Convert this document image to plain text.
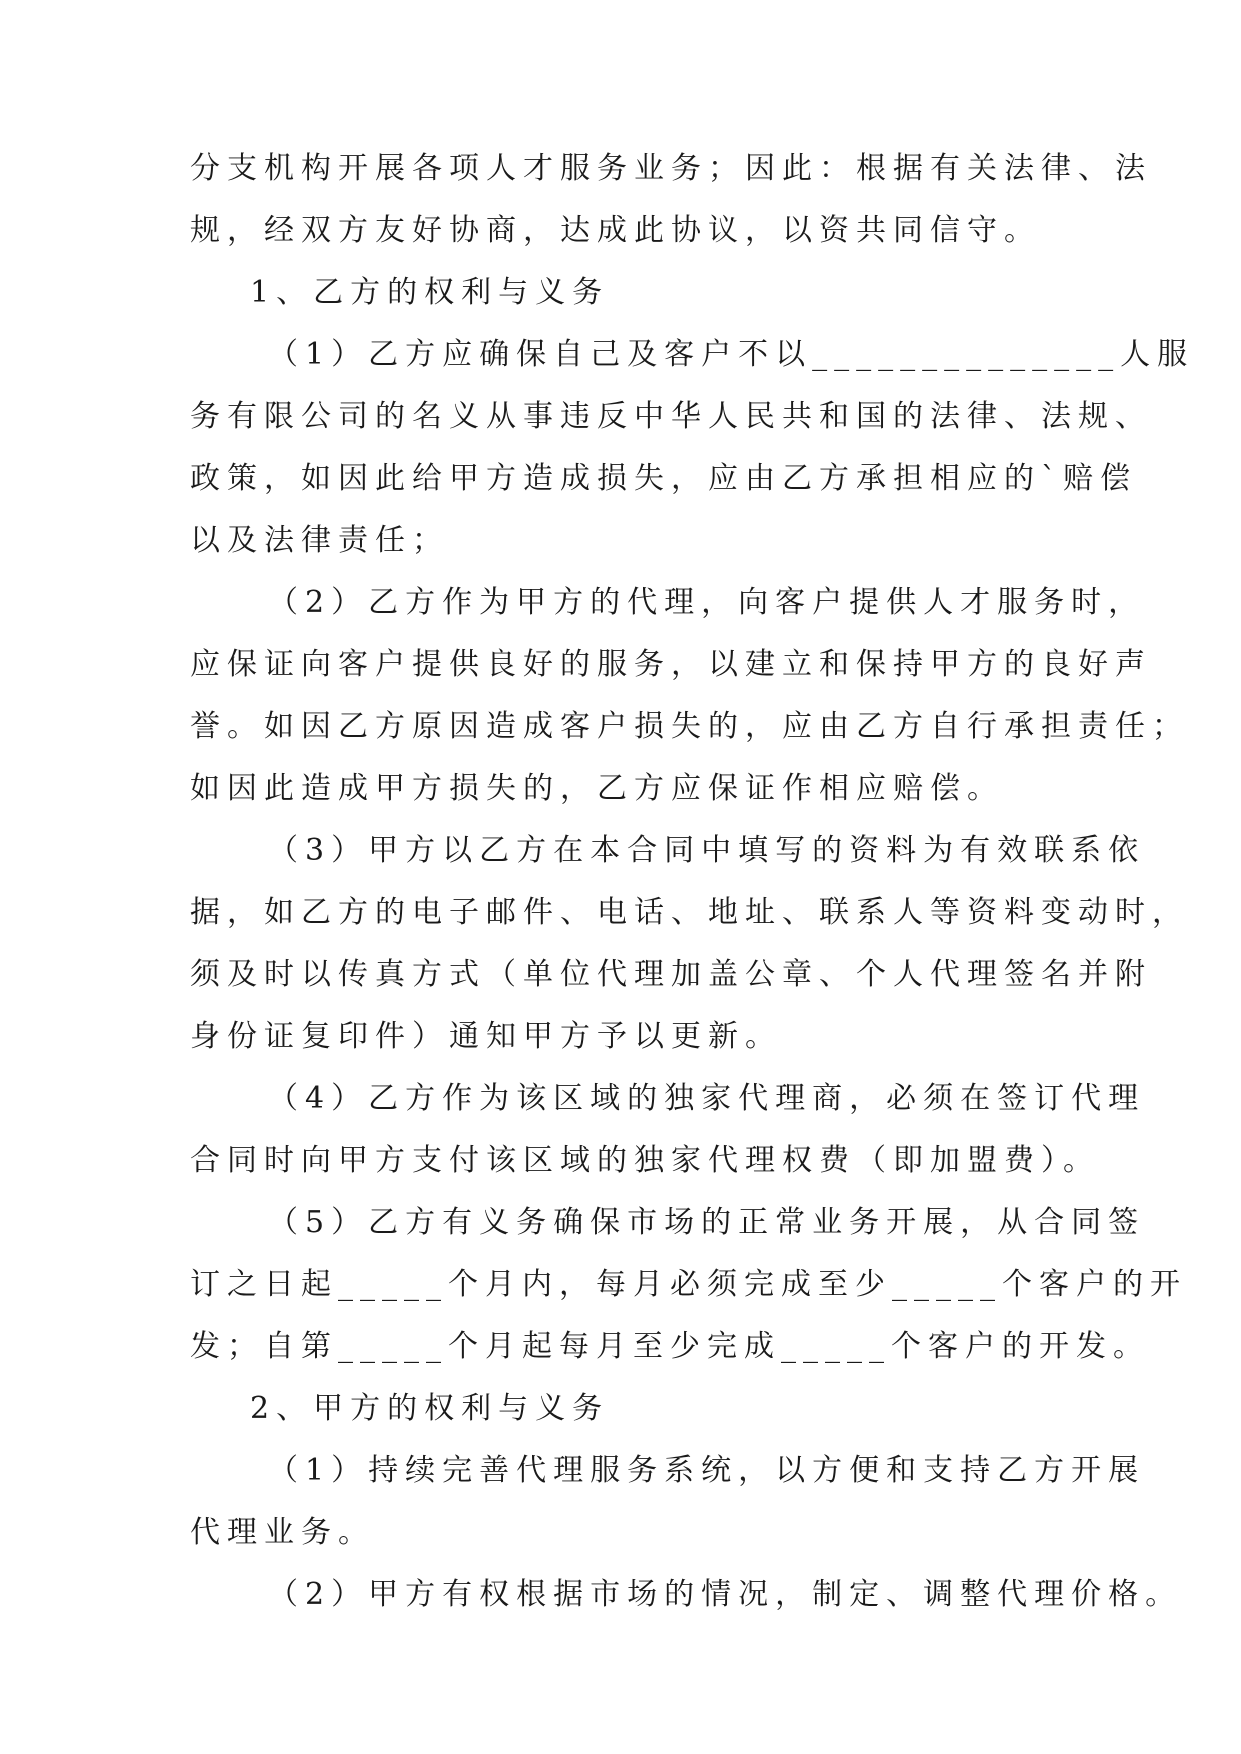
分支机构开展各项人才服务业务；因此：根据有关法律、法
规，经双方友好协商，达成此协议，以资共同信守。
1、乙方的权利与义务
（1）乙方应确保自己及客户不以______________人服
务有限公司的名义从事违反中华人民共和国的法律、法规、
政策，如因此给甲方造成损失，应由乙方承担相应的`赔偿
以及法律责任；
（2）乙方作为甲方的代理，向客户提供人才服务时，
应保证向客户提供良好的服务，以建立和保持甲方的良好声
誉。如因乙方原因造成客户损失的，应由乙方自行承担责任；
如因此造成甲方损失的，乙方应保证作相应赔偿。
（3）甲方以乙方在本合同中填写的资料为有效联系依
据，如乙方的电子邮件、电话、地址、联系人等资料变动时，
须及时以传真方式（单位代理加盖公章、个人代理签名并附
身份证复印件）通知甲方予以更新。
（4）乙方作为该区域的独家代理商，必须在签订代理
合同时向甲方支付该区域的独家代理权费（即加盟费）。
（5）乙方有义务确保市场的正常业务开展，从合同签
订之日起_____个月内，每月必须完成至少_____个客户的开
发；自第_____个月起每月至少完成_____个客户的开发。
2、甲方的权利与义务
（1）持续完善代理服务系统，以方便和支持乙方开展
代理业务。
（2）甲方有权根据市场的情况，制定、调整代理价格。
